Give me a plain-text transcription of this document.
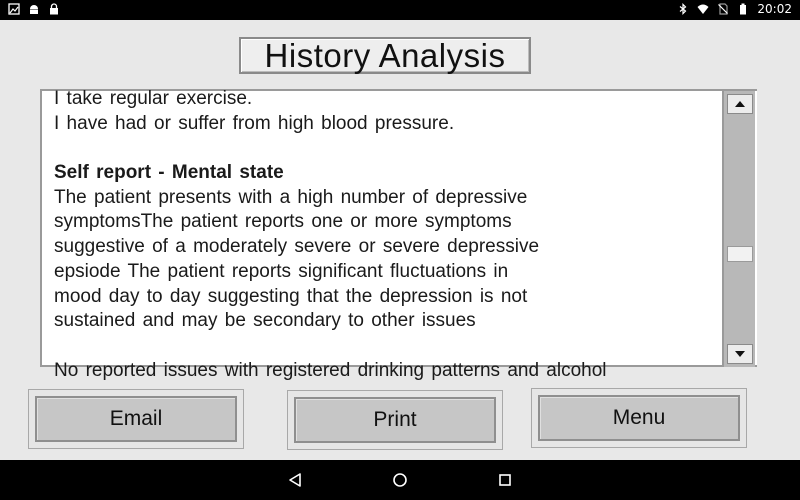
20:02
History Analysis
I take regular exercise.
I have had or suffer from high blood pressure.
Self report - Mental state
The patient presents with a high number of depressive
symptomsThe patient reports one or more symptoms
suggestive of a moderately severe or severe depressive
epsiode The patient reports significant fluctuations in
mood day to day suggesting that the depression is not
sustained and may be secondary to other issues
No reported issues with registered drinking patterns and alcohol
Email	Print	Menu
